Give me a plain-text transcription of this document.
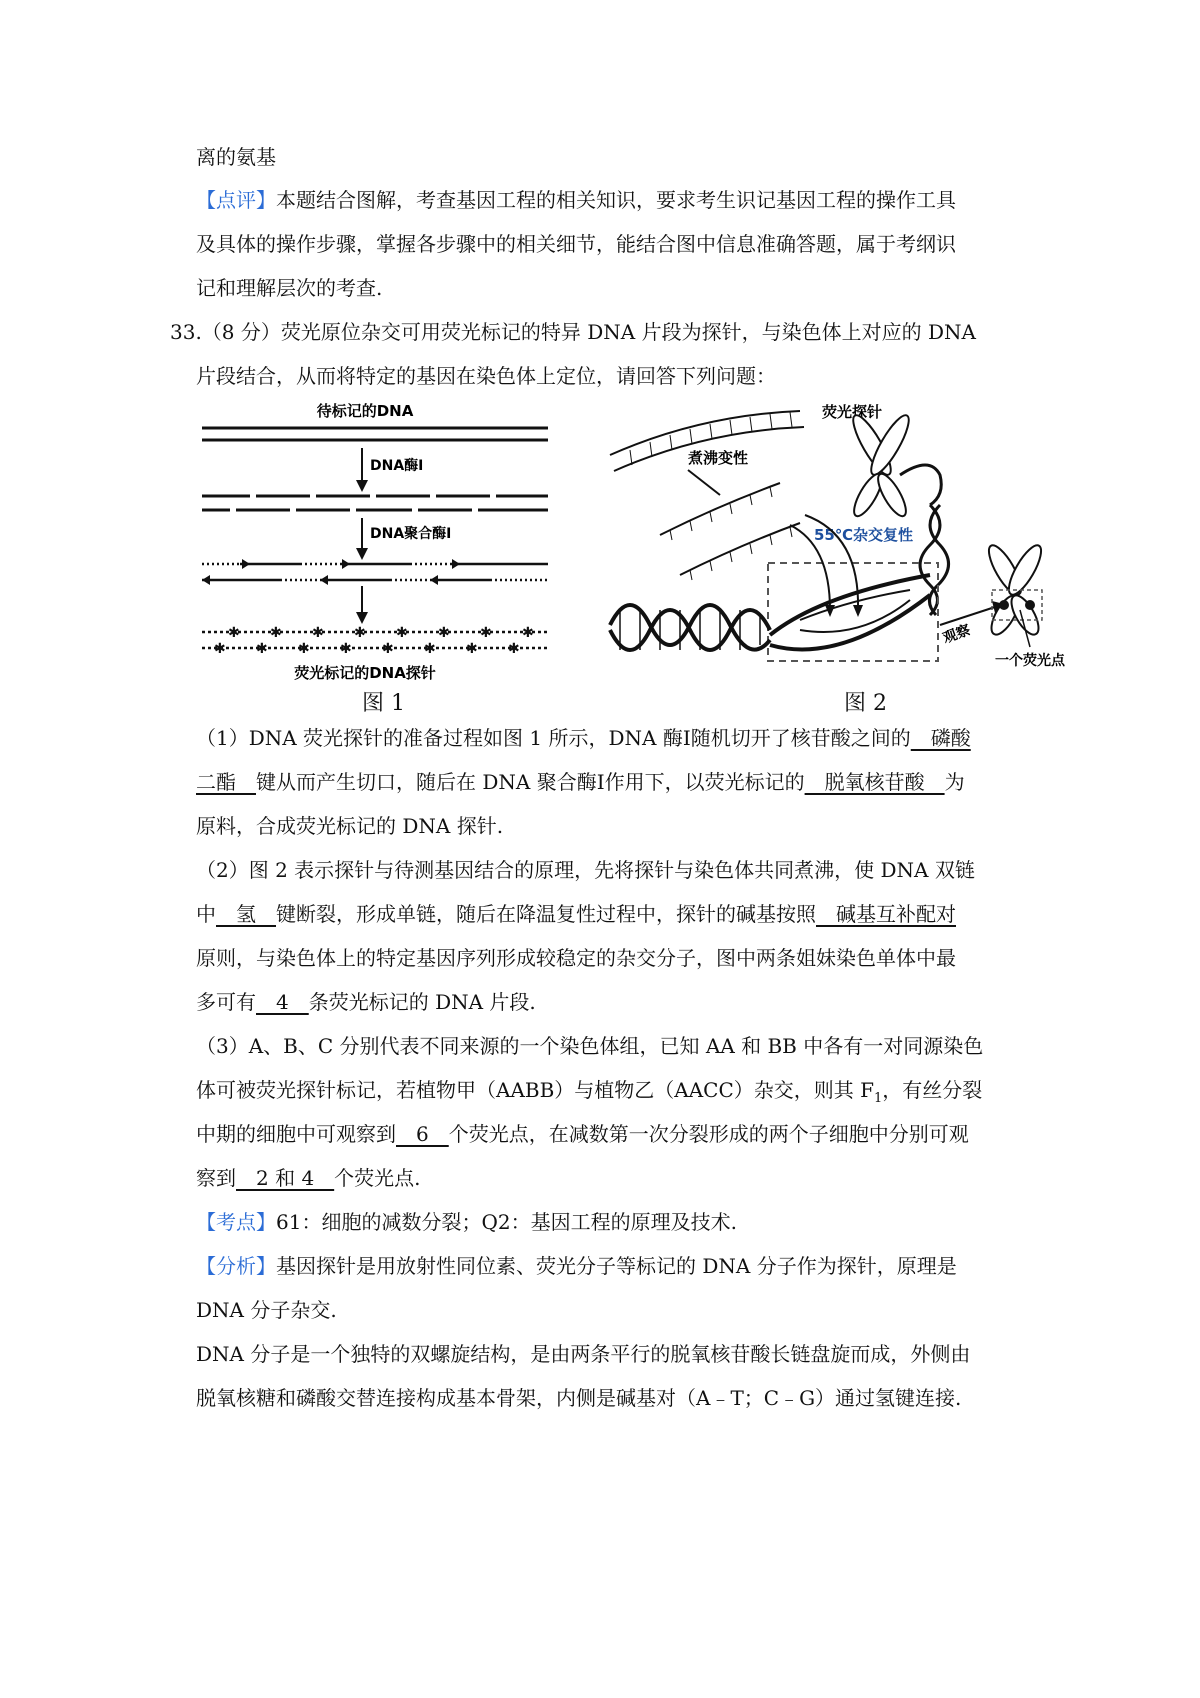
离的氨基
【点评】本题结合图解，考查基因工程的相关知识，要求考生识记基因工程的操作工具
及具体的操作步骤，掌握各步骤中的相关细节，能结合图中信息准确答题，属于考纲识
记和理解层次的考查.
33.（8 分）荧光原位杂交可用荧光标记的特异 DNA 片段为探针，与染色体上对应的 DNA
片段结合，从而将特定的基因在染色体上定位，请回答下列问题：
待标记的DNA
DNA酶Ⅰ
DNA聚合酶Ⅰ
✱ ✱ ✱ ✱ ✱ ✱ ✱ ✱
✱ ✱ ✱ ✱ ✱ ✱ ✱ ✱
荧光标记的DNA探针
图 1
荧光探针
煮沸变性
55℃杂交复性
观察
一个荧光点
图 2
（1）DNA 荧光探针的准备过程如图 1 所示，DNA 酶Ⅰ随机切开了核苷酸之间的　磷酸
二酯　键从而产生切口，随后在 DNA 聚合酶Ⅰ作用下，以荧光标记的　脱氧核苷酸　为
原料，合成荧光标记的 DNA 探针.
（2）图 2 表示探针与待测基因结合的原理，先将探针与染色体共同煮沸，使 DNA 双链
中　氢　键断裂，形成单链，随后在降温复性过程中，探针的碱基按照　碱基互补配对
原则，与染色体上的特定基因序列形成较稳定的杂交分子，图中两条姐妹染色单体中最
多可有　4　条荧光标记的 DNA 片段.
（3）A、B、C 分别代表不同来源的一个染色体组，已知 AA 和 BB 中各有一对同源染色
体可被荧光探针标记，若植物甲（AABB）与植物乙（AACC）杂交，则其 $F_1$，有丝分裂
中期的细胞中可观察到　6　个荧光点，在减数第一次分裂形成的两个子细胞中分别可观
察到　2 和 4　个荧光点.
【考点】61：细胞的减数分裂；Q2：基因工程的原理及技术.
【分析】基因探针是用放射性同位素、荧光分子等标记的 DNA 分子作为探针，原理是
DNA 分子杂交.
DNA 分子是一个独特的双螺旋结构，是由两条平行的脱氧核苷酸长链盘旋而成，外侧由
脱氧核糖和磷酸交替连接构成基本骨架，内侧是碱基对（A﹣T；C﹣G）通过氢键连接.
